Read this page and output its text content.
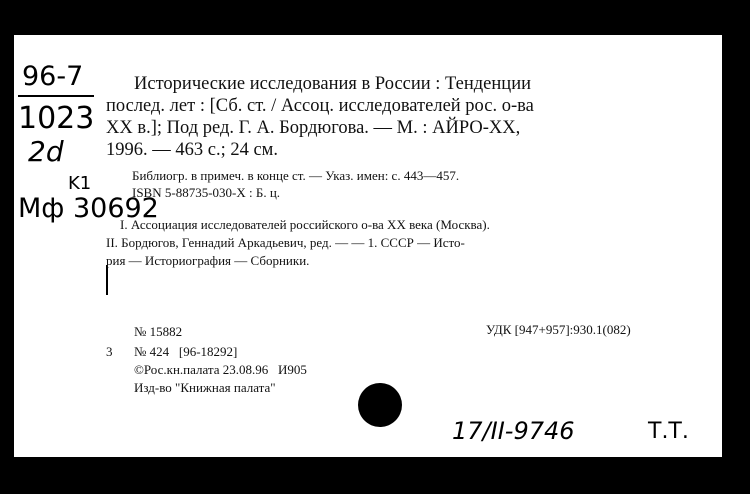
96-7
1023
2d
K1
Мф 30692
Исторические исследования в России : Тенденции
послед. лет : [Сб. ст. / Ассоц. исследователей рос. о-ва
XX в.]; Под ред. Г. А. Бордюгова. — М. : АЙРО-ХХ,
1996. — 463 с.; 24 см.
Библиогр. в примеч. в конце ст. — Указ. имен: с. 443—457.
ISBN 5-88735-030-X : Б. ц.
I. Ассоциация исследователей российского о-ва XX века (Москва).
II. Бордюгов, Геннадий Аркадьевич, ред. — — 1. СССР — Исто-
рия — Историография — Сборники.
№ 15882	УДК [947+957]:930.1(082)
3 № 424   [96-18292]
©Рос.кн.палата 23.08.96   И905
Изд-во "Книжная палата"
17/II-9746	Т.Т.
